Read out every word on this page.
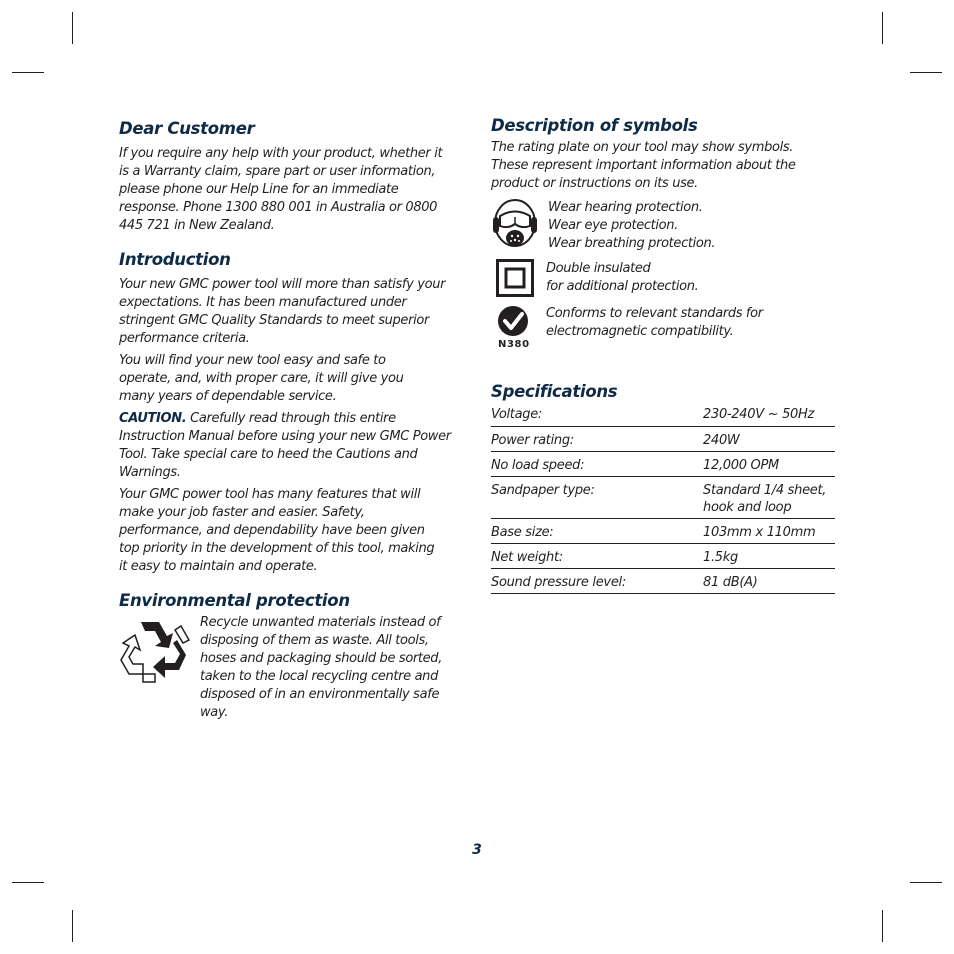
Dear Customer

If you require any help with your product, whether it is a Warranty claim, spare part or user information, please phone our Help Line for an immediate response. Phone 1300 880 001 in Australia or 0800 445 721 in New Zealand.

Introduction

Your new GMC power tool will more than satisfy your expectations. It has been manufactured under stringent GMC Quality Standards to meet superior performance criteria.

You will find your new tool easy and safe to operate, and, with proper care, it will give you many years of dependable service.

CAUTION. Carefully read through this entire Instruction Manual before using your new GMC Power Tool. Take special care to heed the Cautions and Warnings.

Your GMC power tool has many features that will make your job faster and easier. Safety, performance, and dependability have been given top priority in the development of this tool, making it easy to maintain and operate.

Environmental protection

Recycle unwanted materials instead of disposing of them as waste. All tools, hoses and packaging should be sorted, taken to the local recycling centre and disposed of in an environmentally safe way.

Description of symbols

The rating plate on your tool may show symbols. These represent important information about the product or instructions on its use.

Wear hearing protection.
Wear eye protection.
Wear breathing protection.
Double insulated
for additional protection.
N380
Conforms to relevant standards for
electromagnetic compatibility.
Specifications
Voltage:	230-240V ~ 50Hz
Power rating:	240W
No load speed:	12,000 OPM
Sandpaper type:	Standard 1/4 sheet, hook and loop
Base size:	103mm x 110mm
Net weight:	1.5kg
Sound pressure level:	81 dB(A)
3
